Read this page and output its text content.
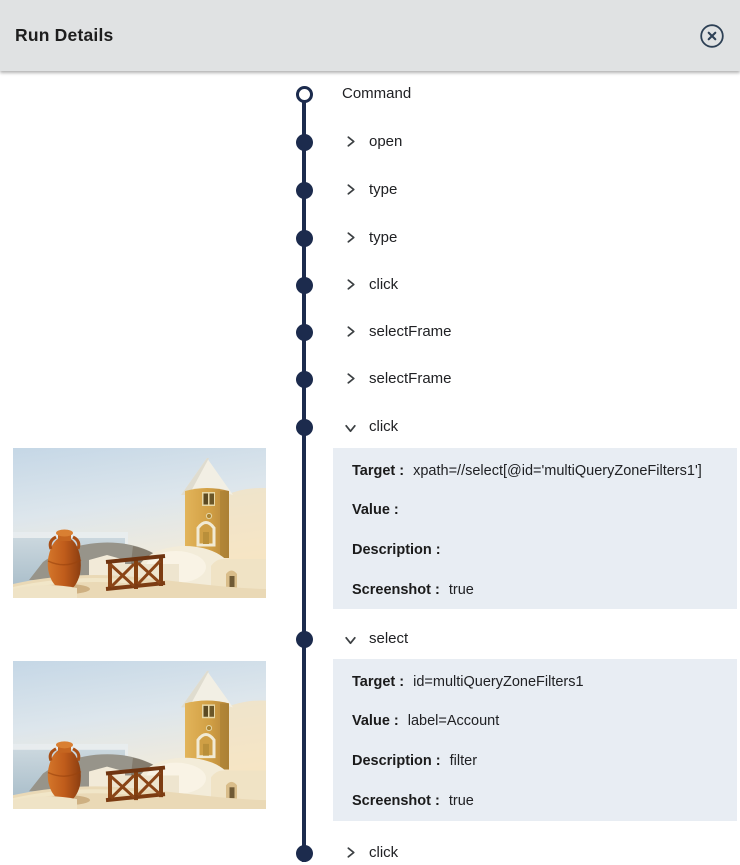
Run Details
Command
open
type
type
click
selectFrame
selectFrame
click
Target : xpath=//select[@id='multiQueryZoneFilters1']
Value :
Description :
Screenshot : true
select
Target : id=multiQueryZoneFilters1
Value : label=Account
Description : filter
Screenshot : true
click
